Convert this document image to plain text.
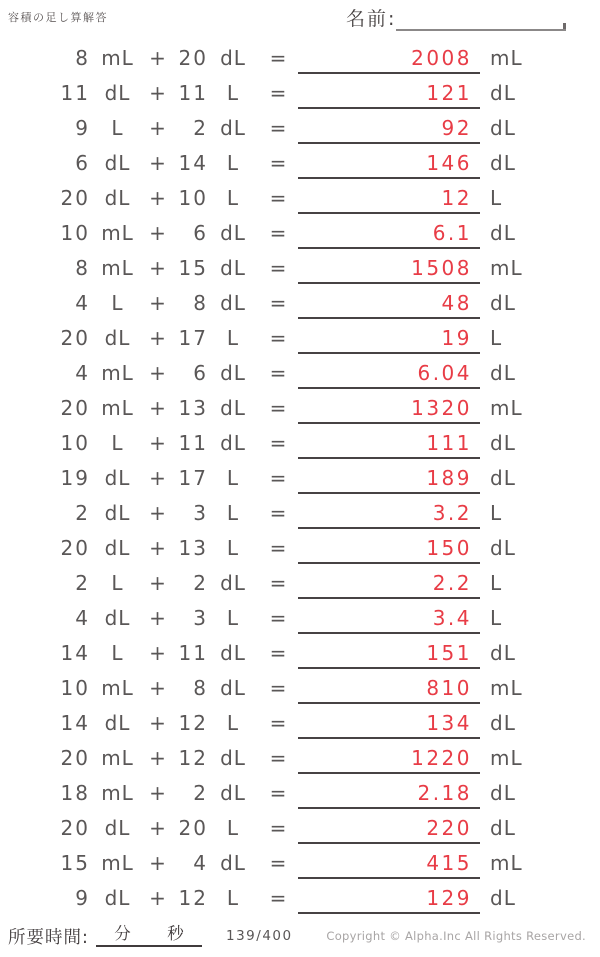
容積の足し算解答	名前:
8 mL + 20 dL	=	2008 mL
11 dL + 11 L	=	121 dL
9	L	+	2 dL	=	92 dL
6 dL + 14 L	=	146 dL
20 dL + 10 L	=	12 L
10 mL +	6 dL	=	6.1 dL
8 mL + 15 dL	=	1508 mL
4	L	+	8 dL	=	48 dL
20 dL + 17 L	=	19 L
4 mL +	6 dL	=	6.04 dL
20 mL + 13 dL	=	1320 mL
10	L	+ 11 dL	=	111 dL
19 dL + 17 L	=	189 dL
2 dL +	3 L	=	3.2 L
20 dL + 13 L	=	150 dL
2	L	+	2 dL	=	2.2 L
4 dL +	3 L	=	3.4 L
14	L	+ 11 dL	=	151 dL
10 mL +	8 dL	=	810 mL
14 dL + 12 L	=	134 dL
20 mL + 12 dL	=	1220 mL
18 mL +	2 dL	=	2.18 dL
20 dL + 20 L	=	220 dL
15 mL +	4 dL	=	415 mL
9 dL + 12 L	=	129 dL
所要時間: 分 秒	139/400	Copyright © Alpha.Inc All Rights Reserved.
